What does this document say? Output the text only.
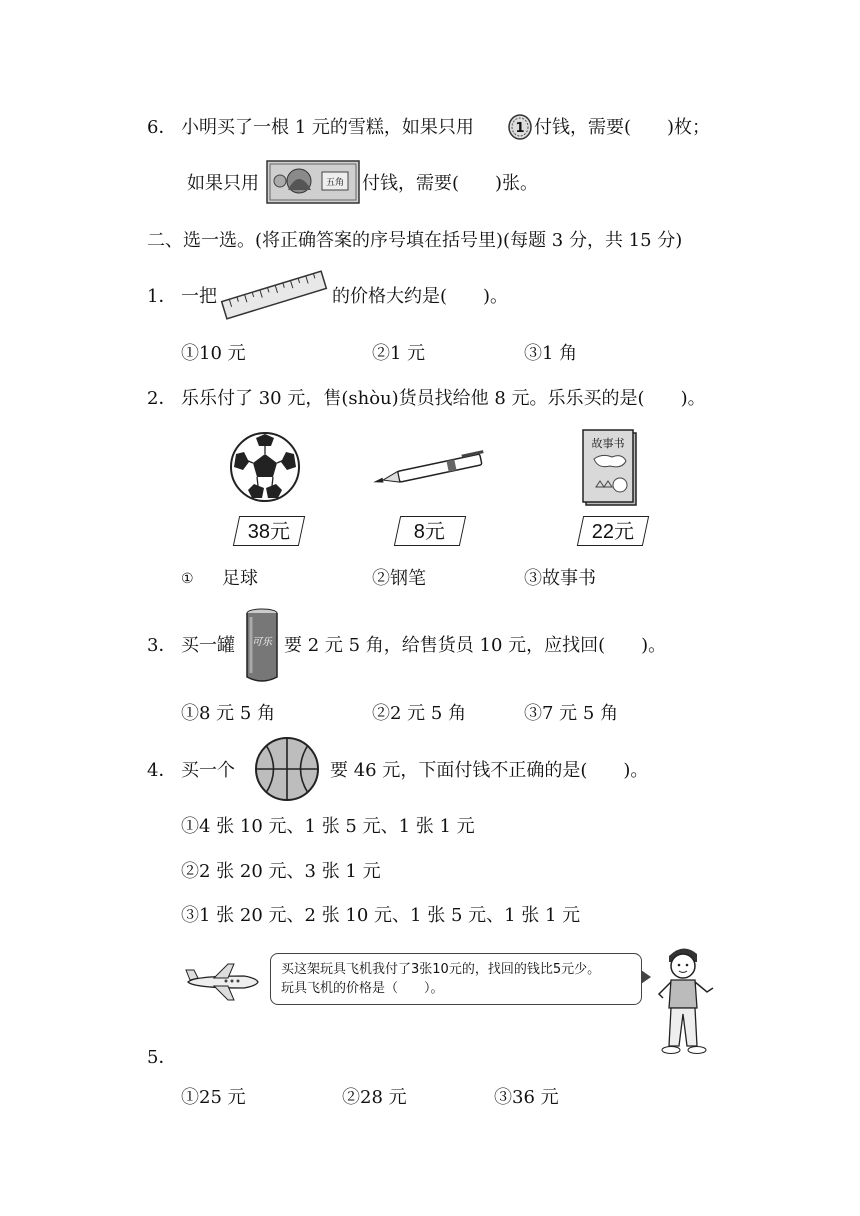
6． 小明买了一根 1 元的雪糕，如果只用	1 付钱，需要(　　)枚；
如果只用	五角 付钱，需要(　　)张。
二、选一选。(将正确答案的序号填在括号里)(每题 3 分，共 15 分)
1． 一把	的价格大约是(　　)。
①10 元	②1 元	③1 角
2． 乐乐付了 30 元，售(shòu)货员找给他 8 元。乐乐买的是(　　)。
故事书
38元	8元	22元
① 足球	②钢笔	③故事书
3． 买一罐 可乐 要 2 元 5 角，给售货员 10 元，应找回(　　)。
①8 元 5 角	②2 元 5 角	③7 元 5 角
4． 买一个	要 46 元，下面付钱不正确的是(　　)。
①4 张 10 元、1 张 5 元、1 张 1 元
②2 张 20 元、3 张 1 元
③1 张 20 元、2 张 10 元、1 张 5 元、1 张 1 元
买这架玩具飞机我付了3张10元的，找回的钱比5元少。
玩具飞机的价格是（　　）。
5．
①25 元	②28 元	③36 元
